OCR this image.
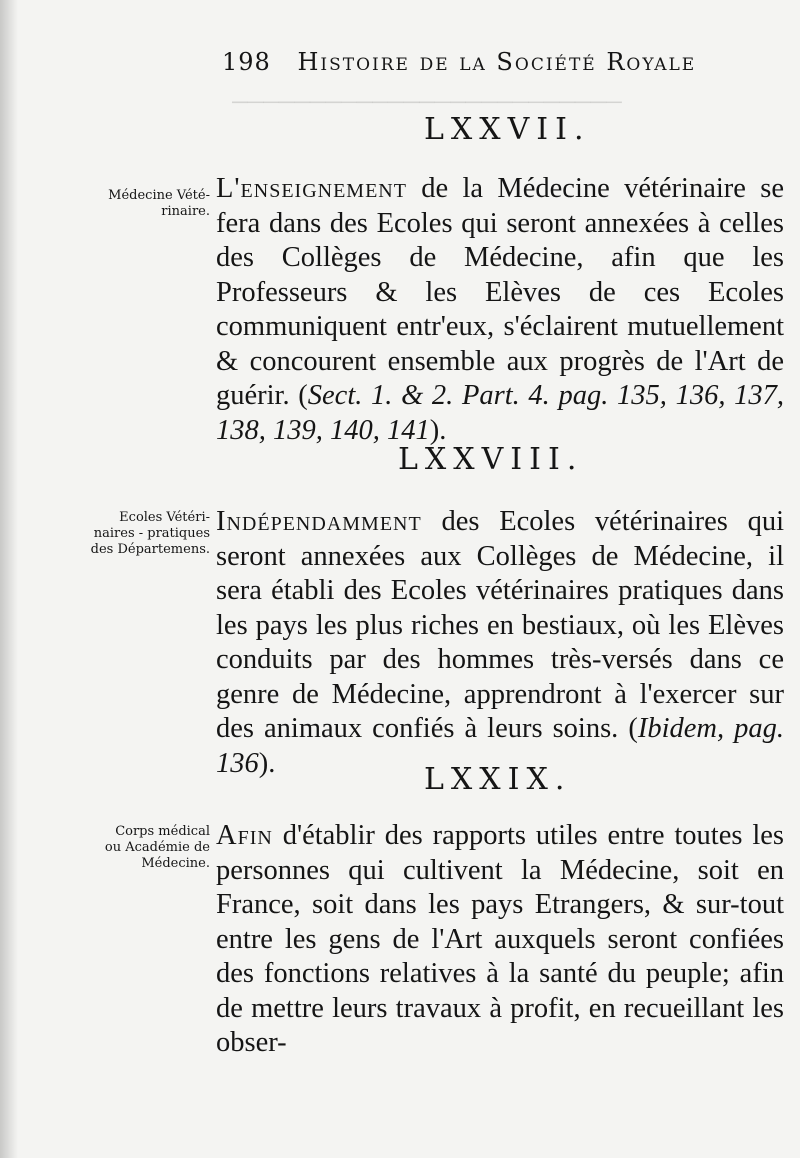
─────────────────────────
198 Histoire de la Société Royale
LXXVII.
Médecine Vété-
rinaire.
L'enseignement de la Médecine vétérinaire se fera dans des Ecoles qui seront annexées à celles des Collèges de Médecine, afin que les Professeurs & les Elèves de ces Ecoles communiquent entr'eux, s'éclairent mutuellement & concourent ensemble aux progrès de l'Art de guérir. (Sect. 1. & 2. Part. 4. pag. 135, 136, 137, 138, 139, 140, 141).
LXXVIII.
Ecoles Vétéri-
naires - pratiques
des Départemens.
Indépendamment des Ecoles vétérinaires qui seront annexées aux Collèges de Médecine, il sera établi des Ecoles vétérinaires pratiques dans les pays les plus riches en bestiaux, où les Elèves conduits par des hommes très-versés dans ce genre de Médecine, apprendront à l'exercer sur des animaux confiés à leurs soins. (Ibidem, pag. 136).	LXXIX.
Corps médical
ou Académie de
Médecine.
Afin d'établir des rapports utiles entre toutes les personnes qui cultivent la Médecine, soit en France, soit dans les pays Etrangers, & sur-tout entre les gens de l'Art auxquels seront confiées des fonctions relatives à la santé du peuple; afin de mettre leurs travaux à profit, en recueillant les obser-
